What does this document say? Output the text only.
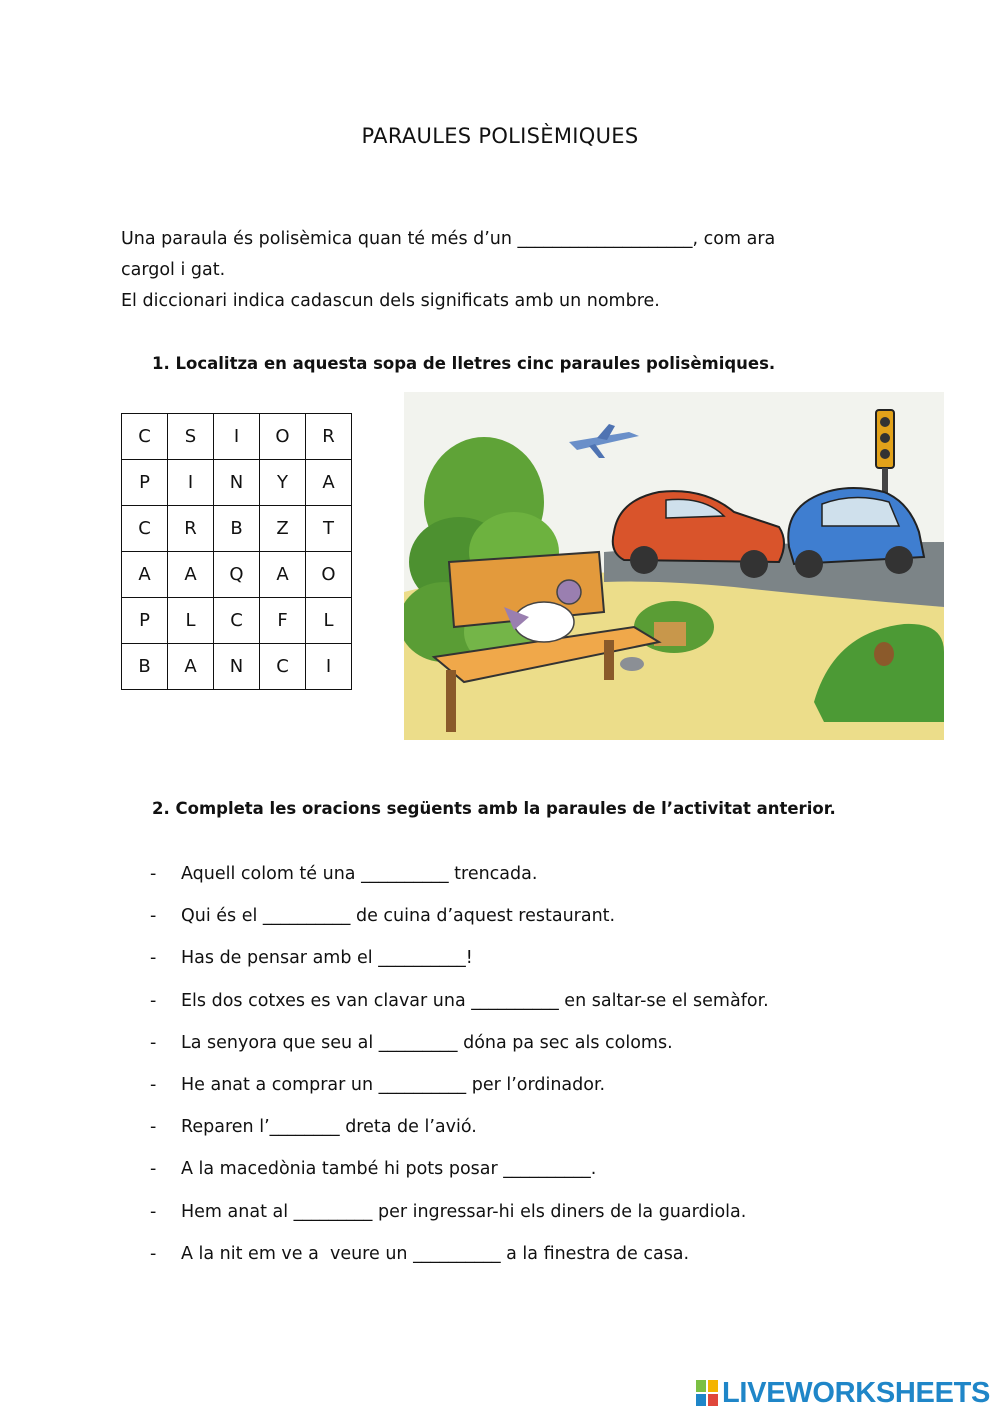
PARAULES POLISÈMIQUES

Una paraula és polisèmica quan té més d’un ____________________, com ara

cargol i gat.

El diccionari indica cadascun dels significats amb un nombre.

1. Localitza en aquesta sopa de lletres cinc paraules polisèmiques.
C	S	I	O	R
P	I	N	Y	A
C	R	B	Z	T
A	A	Q	A	O
P	L	C	F	L
B	A	N	C	I
2. Completa les oracions següents amb la paraules de l’activitat anterior.
- Aquell colom té una __________ trencada.
- Qui és el __________ de cuina d’aquest restaurant.
- Has de pensar amb el __________!
- Els dos cotxes es van clavar una __________ en saltar-se el semàfor.
- La senyora que seu al _________ dóna pa sec als coloms.
- He anat a comprar un __________ per l’ordinador.
- Reparen l’________ dreta de l’avió.
- A la macedònia també hi pots posar __________.
- Hem anat al _________ per ingressar-hi els diners de la guardiola.
- A la nit em ve a  veure un __________ a la finestra de casa.
LIVEWORKSHEETS
